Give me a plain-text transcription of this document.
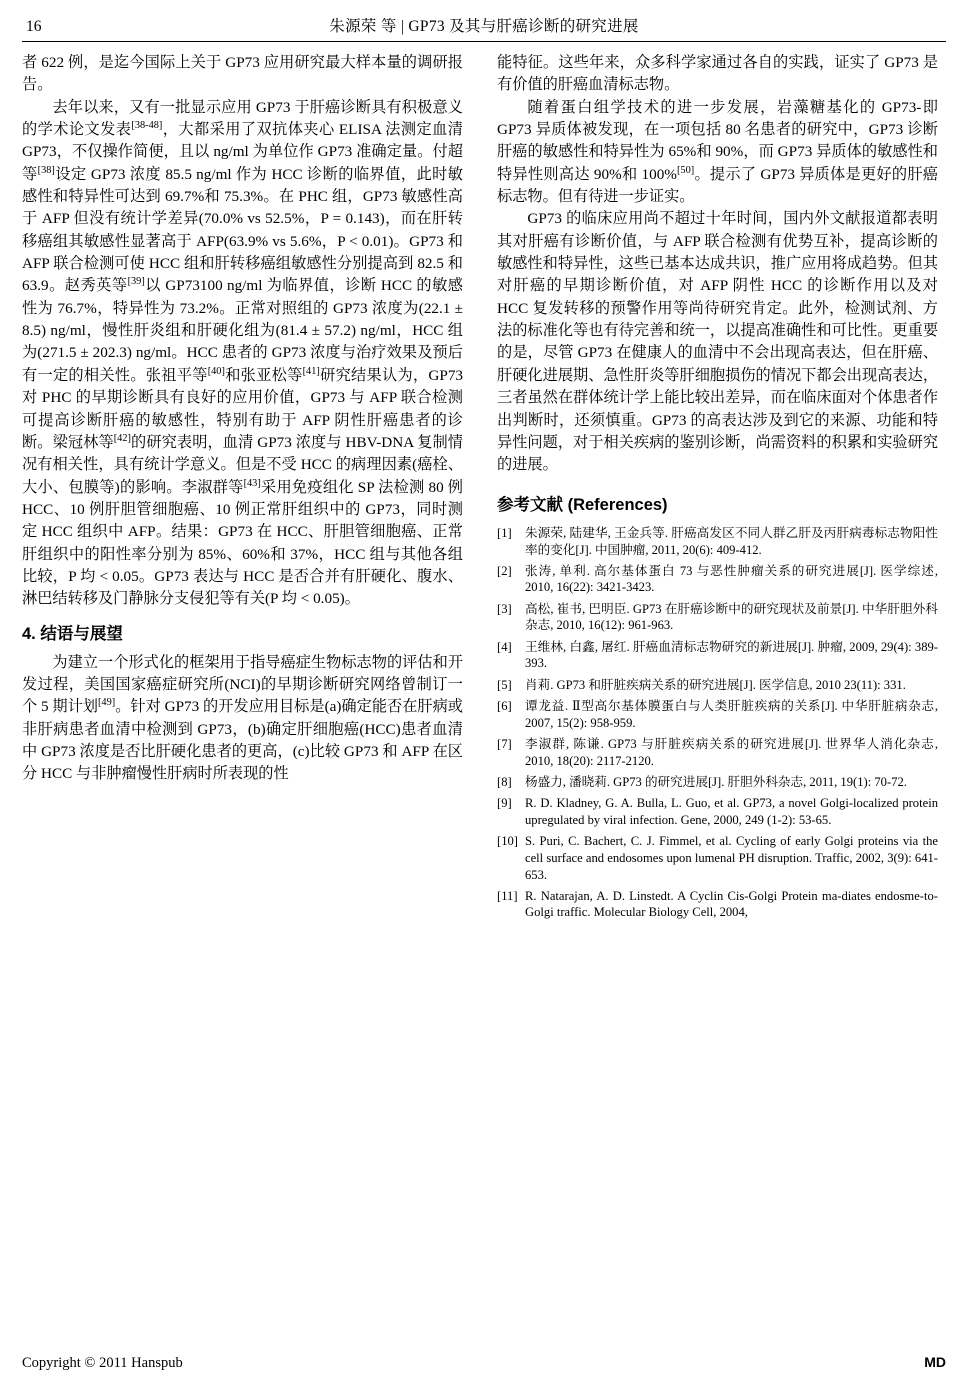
16	朱源荣 等 | GP73 及其与肝癌诊断的研究进展

者 622 例，是迄今国际上关于 GP73 应用研究最大样本量的调研报告。

去年以来，又有一批显示应用 GP73 于肝癌诊断具有积极意义的学术论文发表[38-48]，大都采用了双抗体夹心 ELISA 法测定血清 GP73，不仅操作简便，且以 ng/ml 为单位作 GP73 准确定量。付超等[38]设定 GP73 浓度 85.5 ng/ml 作为 HCC 诊断的临界值，此时敏感性和特异性可达到 69.7%和 75.3%。在 PHC 组，GP73 敏感性高于 AFP 但没有统计学差异(70.0% vs 52.5%，P = 0.143)，而在肝转移癌组其敏感性显著高于 AFP(63.9% vs 5.6%，P < 0.01)。GP73 和 AFP 联合检测可使 HCC 组和肝转移癌组敏感性分别提高到 82.5 和 63.9。赵秀英等[39]以 GP73100 ng/ml 为临界值，诊断 HCC 的敏感性为 76.7%，特异性为 73.2%。正常对照组的 GP73 浓度为(22.1 ± 8.5) ng/ml，慢性肝炎组和肝硬化组为(81.4 ± 57.2) ng/ml，HCC 组为(271.5 ± 202.3) ng/ml。HCC 患者的 GP73 浓度与治疗效果及预后有一定的相关性。张祖平等[40]和张亚松等[41]研究结果认为，GP73 对 PHC 的早期诊断具有良好的应用价值，GP73 与 AFP 联合检测可提高诊断肝癌的敏感性，特别有助于 AFP 阴性肝癌患者的诊断。梁冠林等[42]的研究表明，血清 GP73 浓度与 HBV-DNA 复制情况有相关性，具有统计学意义。但是不受 HCC 的病理因素(癌栓、大小、包膜等)的影响。李淑群等[43]采用免疫组化 SP 法检测 80 例 HCC、10 例肝胆管细胞癌、10 例正常肝组织中的 GP73，同时测定 HCC 组织中 AFP。结果：GP73 在 HCC、肝胆管细胞癌、正常肝组织中的阳性率分别为 85%、60%和 37%，HCC 组与其他各组比较，P 均 < 0.05。GP73 表达与 HCC 是否合并有肝硬化、腹水、淋巴结转移及门静脉分支侵犯等有关(P 均 < 0.05)。

4. 结语与展望

为建立一个形式化的框架用于指导癌症生物标志物的评估和开发过程，美国国家癌症研究所(NCI)的早期诊断研究网络曾制订一个 5 期计划[49]。针对 GP73 的开发应用目标是(a)确定能否在肝病或非肝病患者血清中检测到 GP73，(b)确定肝细胞癌(HCC)患者血清中 GP73 浓度是否比肝硬化患者的更高，(c)比较 GP73 和 AFP 在区分 HCC 与非肿瘤慢性肝病时所表现的性

能特征。这些年来，众多科学家通过各自的实践，证实了 GP73 是有价值的肝癌血清标志物。

随着蛋白组学技术的进一步发展，岩藻糖基化的 GP73-即 GP73 异质体被发现，在一项包括 80 名患者的研究中，GP73 诊断肝癌的敏感性和特异性为 65%和 90%，而 GP73 异质体的敏感性和特异性则高达 90%和 100%[50]。提示了 GP73 异质体是更好的肝癌标志物。但有待进一步证实。

GP73 的临床应用尚不超过十年时间，国内外文献报道都表明其对肝癌有诊断价值，与 AFP 联合检测有优势互补，提高诊断的敏感性和特异性，这些已基本达成共识，推广应用将成趋势。但其对肝癌的早期诊断价值，对 AFP 阴性 HCC 的诊断作用以及对 HCC 复发转移的预警作用等尚待研究肯定。此外，检测试剂、方法的标准化等也有待完善和统一，以提高准确性和可比性。更重要的是，尽管 GP73 在健康人的血清中不会出现高表达，但在肝癌、肝硬化进展期、急性肝炎等肝细胞损伤的情况下都会出现高表达，三者虽然在群体统计学上能比较出差异，而在临床面对个体患者作出判断时，还须慎重。GP73 的高表达涉及到它的来源、功能和特异性问题，对于相关疾病的鉴别诊断，尚需资料的积累和实验研究的进展。

参考文献 (References)
[1]	朱源荣, 陆建华, 王金兵等. 肝癌高发区不同人群乙肝及丙肝病毒标志物阳性率的变化[J]. 中国肿瘤, 2011, 20(6): 409-412.
[2]	张涛, 单利. 高尔基体蛋白 73 与恶性肿瘤关系的研究进展[J]. 医学综述, 2010, 16(22): 3421-3423.
[3]	高松, 崔书, 巴明臣. GP73 在肝癌诊断中的研究现状及前景[J]. 中华肝胆外科杂志, 2010, 16(12): 961-963.
[4]	王维林, 白鑫, 屠红. 肝癌血清标志物研究的新进展[J]. 肿瘤, 2009, 29(4): 389-393.
[5]	肖莉. GP73 和肝脏疾病关系的研究进展[J]. 医学信息, 2010 23(11): 331.
[6]	谭龙益. Ⅱ型高尔基体膜蛋白与人类肝脏疾病的关系[J]. 中华肝脏病杂志, 2007, 15(2): 958-959.
[7]	李淑群, 陈谦. GP73 与肝脏疾病关系的研究进展[J]. 世界华人消化杂志, 2010, 18(20): 2117-2120.
[8]	杨盛力, 潘晓莉. GP73 的研究进展[J]. 肝胆外科杂志, 2011, 19(1): 70-72.
[9]	R. D. Kladney, G. A. Bulla, L. Guo, et al. GP73, a novel Golgi-localized protein upregulated by viral infection. Gene, 2000, 249 (1-2): 53-65.
[10] S. Puri, C. Bachert, C. J. Fimmel, et al. Cycling of early Golgi proteins via the cell surface and endosomes upon lumenal PH disruption. Traffic, 2002, 3(9): 641-653.
[11] R. Natarajan, A. D. Linstedt. A Cyclin Cis-Golgi Protein ma-diates endosme-to-Golgi traffic. Molecular Biology Cell, 2004,
Copyright © 2011 Hanspub	MD
